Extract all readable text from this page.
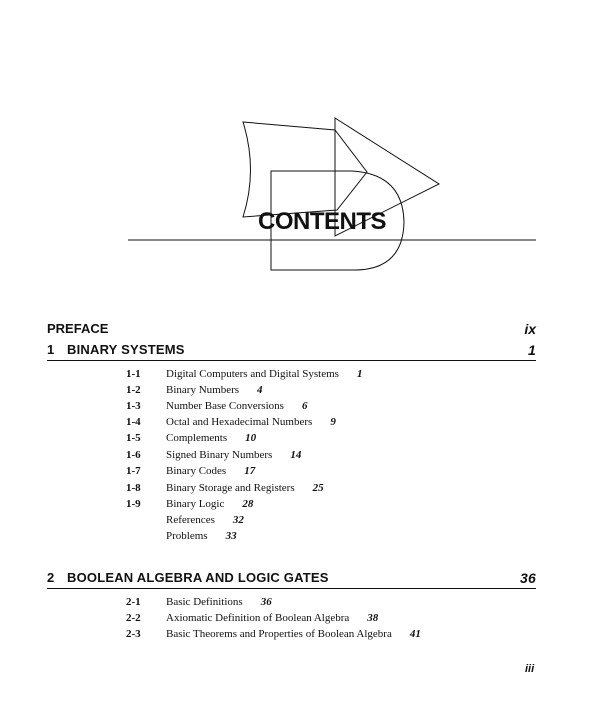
CONTENTS
PREFACE	ix
1 BINARY SYSTEMS	1
1-1 Digital Computers and Digital Systems 1
1-2 Binary Numbers 4
1-3 Number Base Conversions 6
1-4 Octal and Hexadecimal Numbers 9
1-5 Complements 10
1-6 Signed Binary Numbers 14
1-7 Binary Codes 17
1-8 Binary Storage and Registers 25
1-9 Binary Logic 28
References 32
Problems 33
2 BOOLEAN ALGEBRA AND LOGIC GATES	36
2-1 Basic Definitions 36
2-2 Axiomatic Definition of Boolean Algebra 38
2-3 Basic Theorems and Properties of Boolean Algebra 41
iii
